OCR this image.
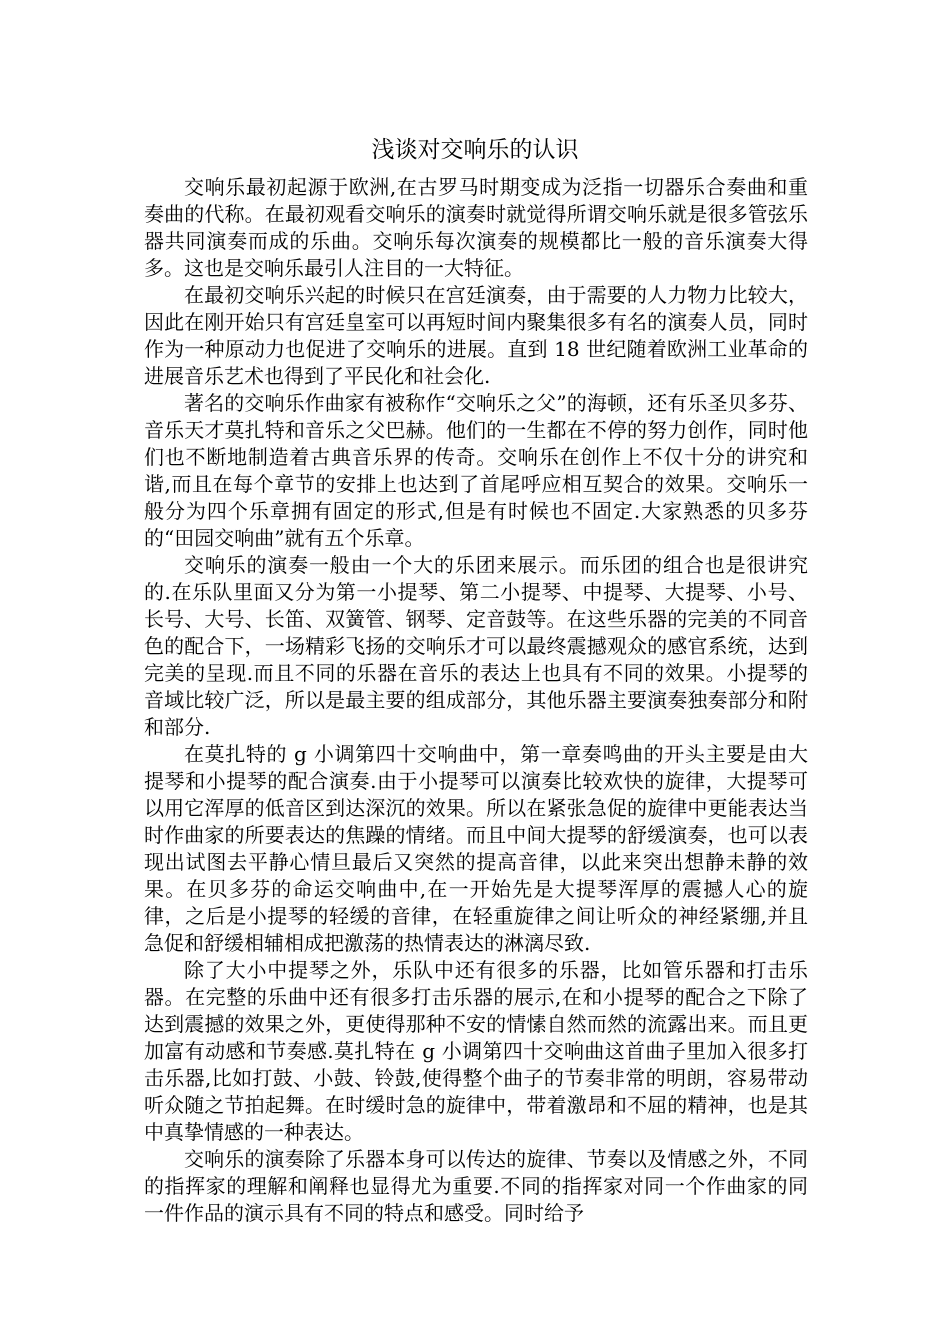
浅谈对交响乐的认识

交响乐最初起源于欧洲,在古罗马时期变成为泛指一切器乐合奏曲和重奏曲的代称。在最初观看交响乐的演奏时就觉得所谓交响乐就是很多管弦乐器共同演奏而成的乐曲。交响乐每次演奏的规模都比一般的音乐演奏大得多。这也是交响乐最引人注目的一大特征。

在最初交响乐兴起的时候只在宫廷演奏，由于需要的人力物力比较大，因此在刚开始只有宫廷皇室可以再短时间内聚集很多有名的演奏人员，同时作为一种原动力也促进了交响乐的进展。直到 18 世纪随着欧洲工业革命的进展音乐艺术也得到了平民化和社会化.

著名的交响乐作曲家有被称作“交响乐之父”的海顿，还有乐圣贝多芬、音乐天才莫扎特和音乐之父巴赫。他们的一生都在不停的努力创作，同时他们也不断地制造着古典音乐界的传奇。交响乐在创作上不仅十分的讲究和谐,而且在每个章节的安排上也达到了首尾呼应相互契合的效果。交响乐一般分为四个乐章拥有固定的形式,但是有时候也不固定.大家熟悉的贝多芬的“田园交响曲”就有五个乐章。

交响乐的演奏一般由一个大的乐团来展示。而乐团的组合也是很讲究的.在乐队里面又分为第一小提琴、第二小提琴、中提琴、大提琴、小号、长号、大号、长笛、双簧管、钢琴、定音鼓等。在这些乐器的完美的不同音色的配合下，一场精彩飞扬的交响乐才可以最终震撼观众的感官系统，达到完美的呈现.而且不同的乐器在音乐的表达上也具有不同的效果。小提琴的音域比较广泛，所以是最主要的组成部分，其他乐器主要演奏独奏部分和附和部分.

在莫扎特的 g 小调第四十交响曲中，第一章奏鸣曲的开头主要是由大提琴和小提琴的配合演奏.由于小提琴可以演奏比较欢快的旋律，大提琴可以用它浑厚的低音区到达深沉的效果。所以在紧张急促的旋律中更能表达当时作曲家的所要表达的焦躁的情绪。而且中间大提琴的舒缓演奏，也可以表现出试图去平静心情旦最后又突然的提高音律，以此来突出想静未静的效果。在贝多芬的命运交响曲中,在一开始先是大提琴浑厚的震撼人心的旋律，之后是小提琴的轻缓的音律，在轻重旋律之间让听众的神经紧绷,并且急促和舒缓相辅相成把激荡的热情表达的淋漓尽致.

除了大小中提琴之外，乐队中还有很多的乐器，比如管乐器和打击乐器。在完整的乐曲中还有很多打击乐器的展示,在和小提琴的配合之下除了达到震撼的效果之外，更使得那种不安的情愫自然而然的流露出来。而且更加富有动感和节奏感.莫扎特在 g 小调第四十交响曲这首曲子里加入很多打击乐器,比如打鼓、小鼓、铃鼓,使得整个曲子的节奏非常的明朗，容易带动听众随之节拍起舞。在时缓时急的旋律中，带着激昂和不屈的精神，也是其中真挚情感的一种表达。

交响乐的演奏除了乐器本身可以传达的旋律、节奏以及情感之外，不同的指挥家的理解和阐释也显得尤为重要.不同的指挥家对同一个作曲家的同一件作品的演示具有不同的特点和感受。同时给予
